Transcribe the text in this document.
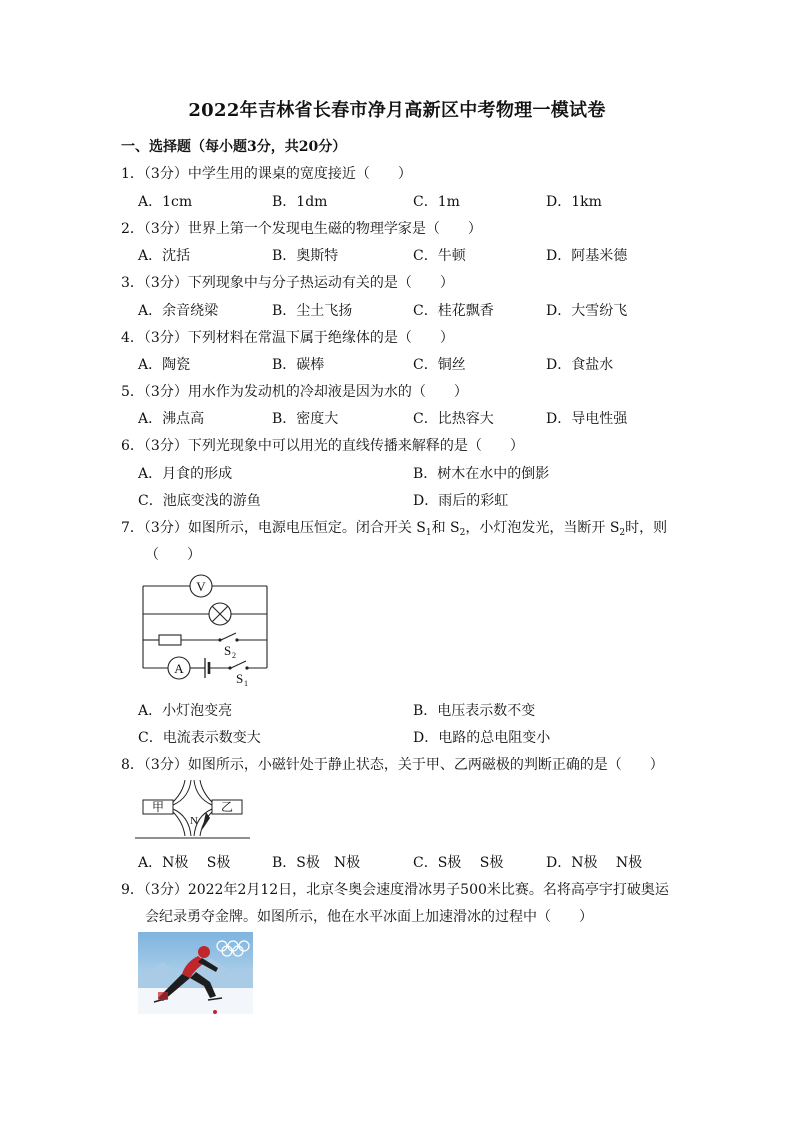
2022年吉林省长春市净月高新区中考物理一模试卷
一、选择题（每小题3分，共20分）
1．（3分）中学生用的课桌的宽度接近（　　）
A．1cm	B．1dm	C．1m	D．1km
2．（3分）世界上第一个发现电生磁的物理学家是（　　）
A．沈括	B．奥斯特	C．牛顿	D．阿基米德
3．（3分）下列现象中与分子热运动有关的是（　　）
A．余音绕梁	B．尘土飞扬	C．桂花飘香	D．大雪纷飞
4．（3分）下列材料在常温下属于绝缘体的是（　　）
A．陶瓷	B．碳棒	C．铜丝	D．食盐水
5．（3分）用水作为发动机的冷却液是因为水的（　　）
A．沸点高	B．密度大	C．比热容大	D．导电性强
6．（3分）下列光现象中可以用光的直线传播来解释的是（　　）
A．月食的形成	B．树木在水中的倒影
C．池底变浅的游鱼	D．雨后的彩虹
7．（3分）如图所示，电源电压恒定。闭合开关 $S_1$和 $S_2$，小灯泡发光，当断开 $S_2$时，则
（　　）
V
A
S 2
S 1
A．小灯泡变亮	B．电压表示数不变
C．电流表示数变大	D．电路的总电阻变小
8．（3分）如图所示，小磁针处于静止状态，关于甲、乙两磁极的判断正确的是（　　）
甲	乙
N
A．N极　 S极	B．S极　N极	C．S极　 S极	D．N极　 N极
9．（3分）2022年2月12日，北京冬奥会速度滑冰男子500米比赛。名将高亭宇打破奥运
会纪录勇夺金牌。如图所示，他在水平冰面上加速滑冰的过程中（　　）
